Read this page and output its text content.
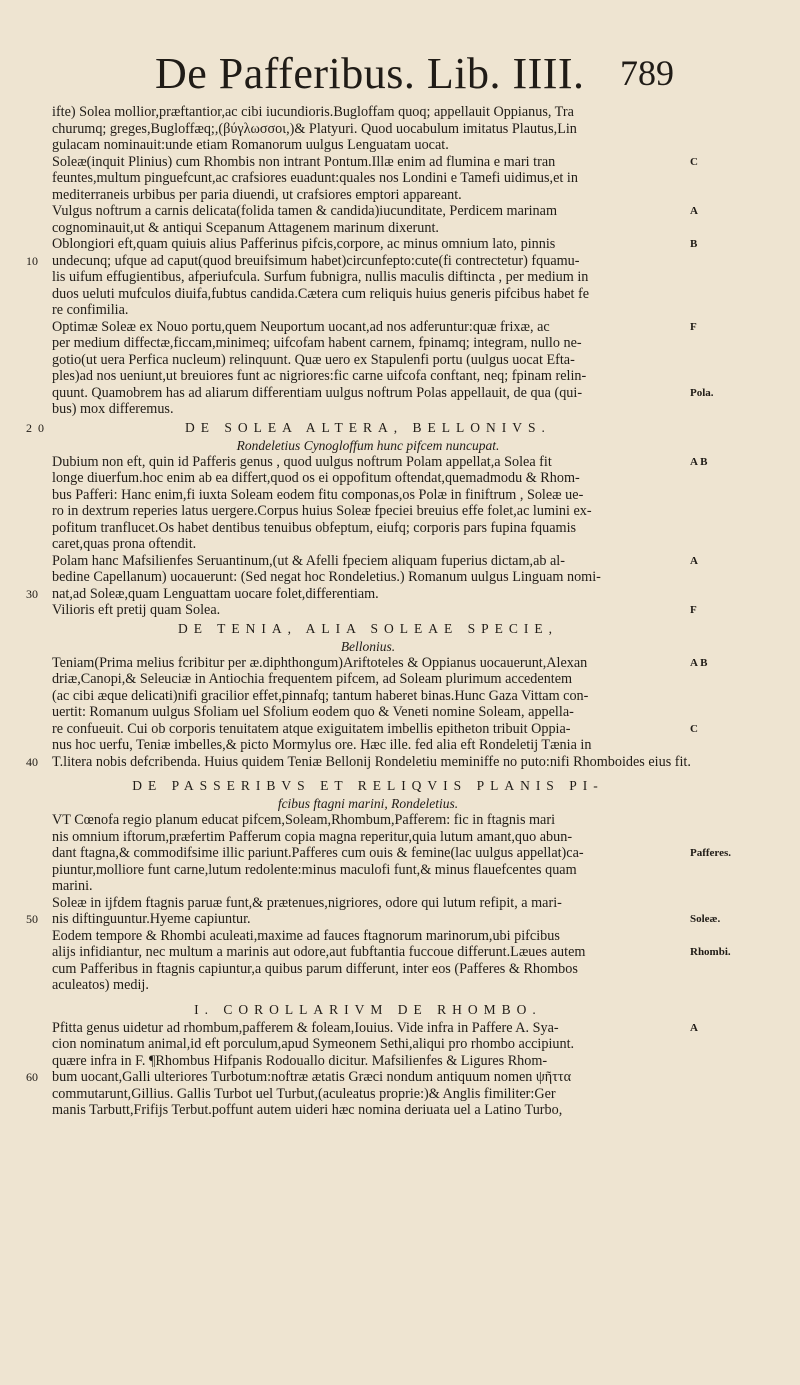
De Pafferibus. Lib. IIII. 789
ifte) Solea mollior,præftantior,ac cibi iucundioris.Bugloffam quoq; appellauit Oppianus, Tra
churumq; greges,Bugloffæq;,(βύγλωσσοι,)& Platyuri. Quod uocabulum imitatus Plautus,Lin
gulacam nominauit:unde etiam Romanorum uulgus Lenguatam uocat.
Soleæ(inquit Plinius) cum Rhombis non intrant Pontum.Illæ enim ad flumina e mari tran	C
feuntes,multum pinguefcunt,ac crafsiores euadunt:quales nos Londini e Tamefi uidimus,et in
mediterraneis urbibus per paria diuendi, ut crafsiores emptori appareant.
Vulgus noftrum a carnis delicata(folida tamen & candida)iucunditate, Perdicem marinam	A
cognominauit,ut & antiqui Scepanum Attagenem marinum dixerunt.
Oblongiori eft,quam quiuis alius Pafferinus pifcis,corpore, ac minus omnium lato, pinnis	B
undecunq; ufque ad caput(quod breuifsimum habet)circunfepto:cute(fi contrectetur) fquamu-
10
lis uifum effugientibus, afperiufcula. Surfum fubnigra, nullis maculis diftincta , per medium in
duos ueluti mufculos diuifa,fubtus candida.Cætera cum reliquis huius generis pifcibus habet fe
re confimilia.
Optimæ Soleæ ex Nouo portu,quem Neuportum uocant,ad nos adferuntur:quæ frixæ, ac	F
per medium diffectæ,ficcam,minimeq; uifcofam habent carnem, fpinamq; integram, nullo ne-
gotio(ut uera Perfica nucleum) relinquunt. Quæ uero ex Stapulenfi portu (uulgus uocat Efta-
ples)ad nos ueniunt,ut breuiores funt ac nigriores:fic carne uifcofa conftant, neq; fpinam relin-
quunt. Quamobrem has ad aliarum differentiam uulgus noftrum Polas appellauit, de qua (qui-	Pola.
bus) mox differemus.
DE SOLEA ALTERA, BELLONIVS.
20
Rondeletius Cynogloffum hunc pifcem nuncupat.
Dubium non eft, quin id Pafferis genus , quod uulgus noftrum Polam appellat,a Solea fit	A B
longe diuerfum.hoc enim ab ea differt,quod os ei oppofitum oftendat,quemadmodu & Rhom-
bus Pafferi: Hanc enim,fi iuxta Soleam eodem fitu componas,os Polæ in finiftrum , Soleæ ue-
ro in dextrum reperies latus uergere.Corpus huius Soleæ fpeciei breuius effe folet,ac lumini ex-
pofitum tranflucet.Os habet dentibus tenuibus obfeptum, eiufq; corporis pars fupina fquamis
caret,quas prona oftendit.
Polam hanc Mafsilienfes Seruantinum,(ut & Afelli fpeciem aliquam fuperius dictam,ab al-	A
bedine Capellanum) uocauerunt: (Sed negat hoc Rondeletius.) Romanum uulgus Linguam nomi-
nat,ad Soleæ,quam Lenguattam uocare folet,differentiam.
30
Vilioris eft pretij quam Solea.	F
DE TENIA, ALIA SOLEAE SPECIE,
Bellonius.
Teniam(Prima melius fcribitur per æ.diphthongum)Ariftoteles & Oppianus uocauerunt,Alexan	A B
driæ,Canopi,& Seleuciæ in Antiochia frequentem pifcem, ad Soleam plurimum accedentem
(ac cibi æque delicati)nifi gracilior effet,pinnafq; tantum haberet binas.Hunc Gaza Vittam con-
uertit: Romanum uulgus Sfoliam uel Sfolium eodem quo & Veneti nomine Soleam, appella-
re confueuit. Cui ob corporis tenuitatem atque exiguitatem imbellis epitheton tribuit Oppia-	C
nus hoc uerfu, Teniæ imbelles,& picto Mormylus ore. Hæc ille. fed alia eft Rondeletij Tænia in
T.litera nobis defcribenda. Huius quidem Teniæ Bellonij Rondeletiu meminiffe no puto:nifi Rhomboides eius fit.
40
DE PASSERIBVS ET RELIQVIS PLANIS PI-
fcibus ftagni marini, Rondeletius.
VT Cœnofa regio planum educat pifcem,Soleam,Rhombum,Pafferem: fic in ftagnis mari
nis omnium iftorum,præfertim Pafferum copia magna reperitur,quia lutum amant,quo abun-
dant ftagna,& commodifsime illic pariunt.Pafferes cum ouis & femine(lac uulgus appellat)ca-	Pafferes.
piuntur,molliore funt carne,lutum redolente:minus maculofi funt,& minus flauefcentes quam
marini.
Soleæ in ijfdem ftagnis paruæ funt,& prætenues,nigriores, odore qui lutum refipit, a mari-
nis diftinguuntur.Hyeme capiuntur.
50	Soleæ.
Eodem tempore & Rhombi aculeati,maxime ad fauces ftagnorum marinorum,ubi pifcibus
alijs infidiantur, nec multum a marinis aut odore,aut fubftantia fuccoue differunt.Læues autem	Rhombi.
cum Pafferibus in ftagnis capiuntur,a quibus parum differunt, inter eos (Pafferes & Rhombos
aculeatos) medij.
I. COROLLARIVM DE RHOMBO.
Pfitta genus uidetur ad rhombum,pafferem & foleam,Iouius. Vide infra in Paffere A. Sya-	A
cion nominatum animal,id eft porculum,apud Symeonem Sethi,aliqui pro rhombo accipiunt.
quære infra in F. ¶Rhombus Hifpanis Rodouallo dicitur. Mafsilienfes & Ligures Rhom-
bum uocant,Galli ulteriores Turbotum:noftræ ætatis Græci nondum antiquum nomen ψῆττα
60
commutarunt,Gillius. Gallis Turbot uel Turbut,(aculeatus proprie:)& Anglis fimiliter:Ger
manis Tarbutt,Frifijs Terbut.poffunt autem uideri hæc nomina deriuata uel a Latino Turbo,
